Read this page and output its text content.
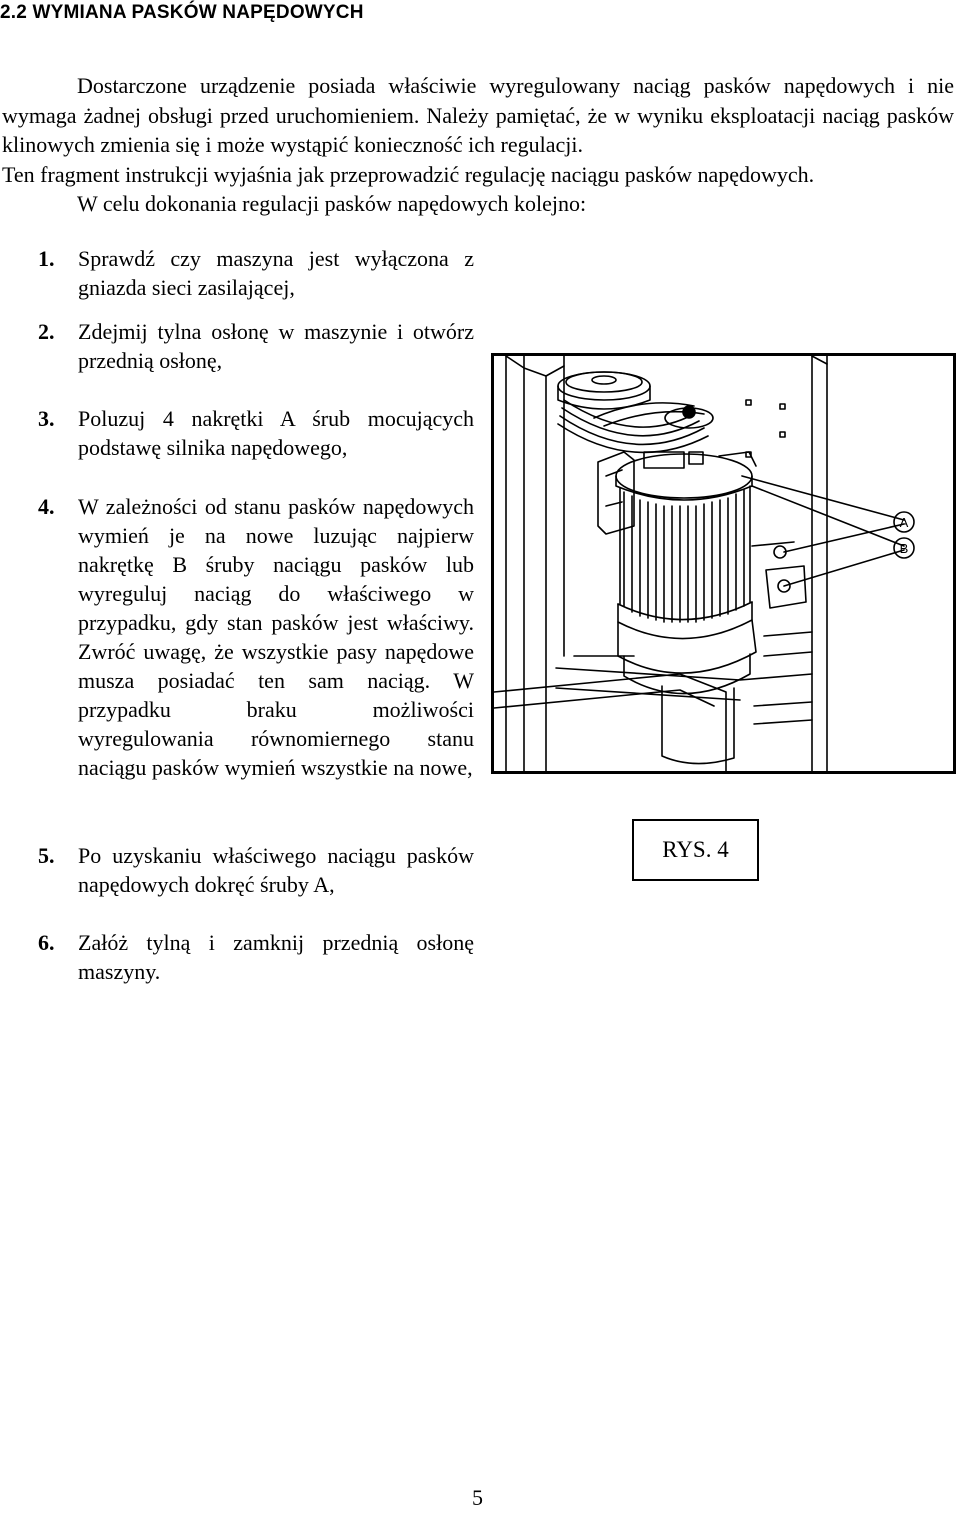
2.2 WYMIANA PASKÓW NAPĘDOWYCH

Dostarczone urządzenie posiada właściwie wyregulowany naciąg pasków napędowych i nie wymaga żadnej obsługi przed uruchomieniem. Należy pamiętać, że w wyniku eksploatacji naciąg pasków klinowych zmienia się i może wystąpić konieczność ich regulacji.

Ten fragment instrukcji wyjaśnia jak przeprowadzić regulację naciągu pasków napędowych.

W celu dokonania regulacji pasków napędowych kolejno:

1.	Sprawdź czy maszyna jest wyłączona z gniazda sieci zasilającej,
2.	Zdejmij tylna osłonę w maszynie i otwórz przednią osłonę,
3.	Poluzuj 4 nakrętki A śrub mocujących podstawę silnika napędowego,
4.	W zależności od stanu pasków napędowych wymień je na nowe luzując najpierw nakrętkę B śruby naciągu pasków lub wyreguluj naciąg do właściwego w przypadku, gdy stan pasków jest właściwy. Zwróć uwagę, że wszystkie pasy napędowe musza posiadać ten sam naciąg. W przypadku braku możliwości wyregulowania równomiernego stanu naciągu pasków wymień wszystkie na nowe,
5.	Po uzyskaniu właściwego naciągu pasków napędowych dokręć śruby A,
6.	Załóż tylną i zamknij przednią osłonę maszyny.
A
B
RYS. 4
5
